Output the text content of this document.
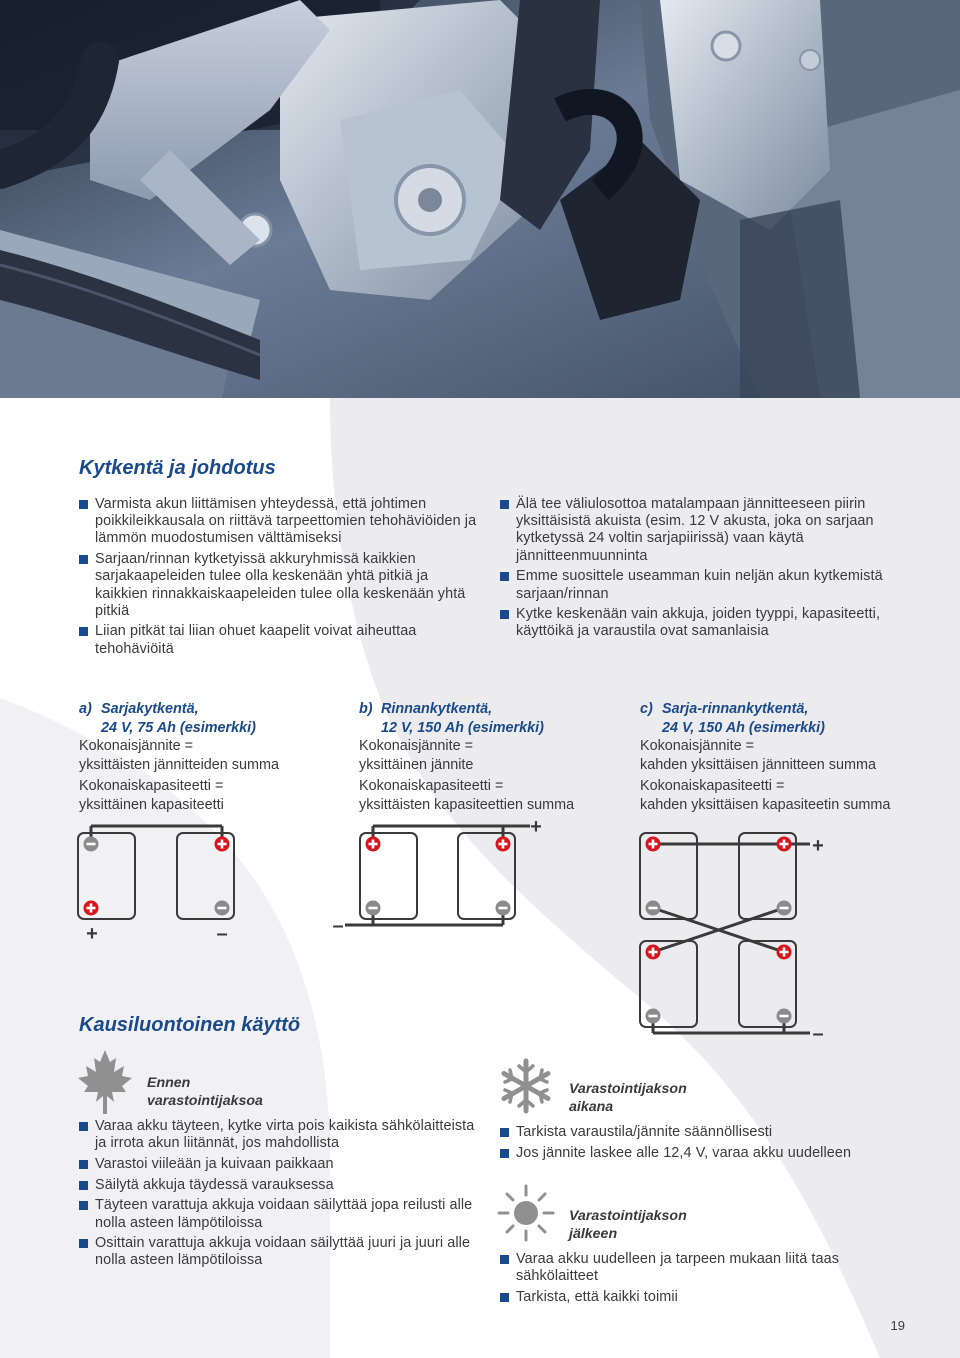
Kytkentä ja johdotus
Varmista akun liittämisen yhteydessä, että johtimen poikkileikkausala on riittävä tarpeettomien tehohäviöiden ja lämmön muodostumisen välttämiseksi
Sarjaan/rinnan kytketyissä akkuryhmissä kaikkien sarjakaapeleiden tulee olla keskenään yhtä pitkiä ja kaikkien rinnakkaiskaapeleiden tulee olla keskenään yhtä pitkiä
Liian pitkät tai liian ohuet kaapelit voivat aiheuttaa tehohäviöitä
Älä tee väliulosottoa matalampaan jännitteeseen piirin yksittäisistä akuista (esim. 12 V akusta, joka on sarjaan kytketyssä 24 voltin sarjapiirissä) vaan käytä jännitteenmuunninta
Emme suosittele useamman kuin neljän akun kytkemistä sarjaan/rinnan
Kytke keskenään vain akkuja, joiden tyyppi, kapasiteetti, käyttöikä ja varaustila ovat samanlaisia
a) Sarjakytkentä,
24 V, 75 Ah (esimerkki)
Kokonaisjännite =
yksittäisten jännitteiden summa
Kokonaiskapasiteetti =
yksittäinen kapasiteetti
b) Rinnankytkentä,
12 V, 150 Ah (esimerkki)
Kokonaisjännite =
yksittäinen jännite
Kokonaiskapasiteetti =
yksittäisten kapasiteettien summa
c) Sarja-rinnankytkentä,
24 V, 150 Ah (esimerkki)
Kokonaisjännite =
kahden yksittäisen jännitteen summa
Kokonaiskapasiteetti =
kahden yksittäisen kapasiteetin summa
+	–
+
–
+
–
Kausiluontoinen käyttö
Ennen
varastointijaksoa
Varaa akku täyteen, kytke virta pois kaikista sähkölaitteista ja irrota akun liitännät, jos mahdollista
Varastoi viileään ja kuivaan paikkaan
Säilytä akkuja täydessä varauksessa
Täyteen varattuja akkuja voidaan säilyttää jopa reilusti alle nolla asteen lämpötiloissa
Osittain varattuja akkuja voidaan säilyttää juuri ja juuri alle nolla asteen lämpötiloissa
Varastointijakson
aikana
Tarkista varaustila/jännite säännöllisesti
Jos jännite laskee alle 12,4 V, varaa akku uudelleen
Varastointijakson
jälkeen
Varaa akku uudelleen ja tarpeen mukaan liitä taas sähkölaitteet
Tarkista, että kaikki toimii
19
